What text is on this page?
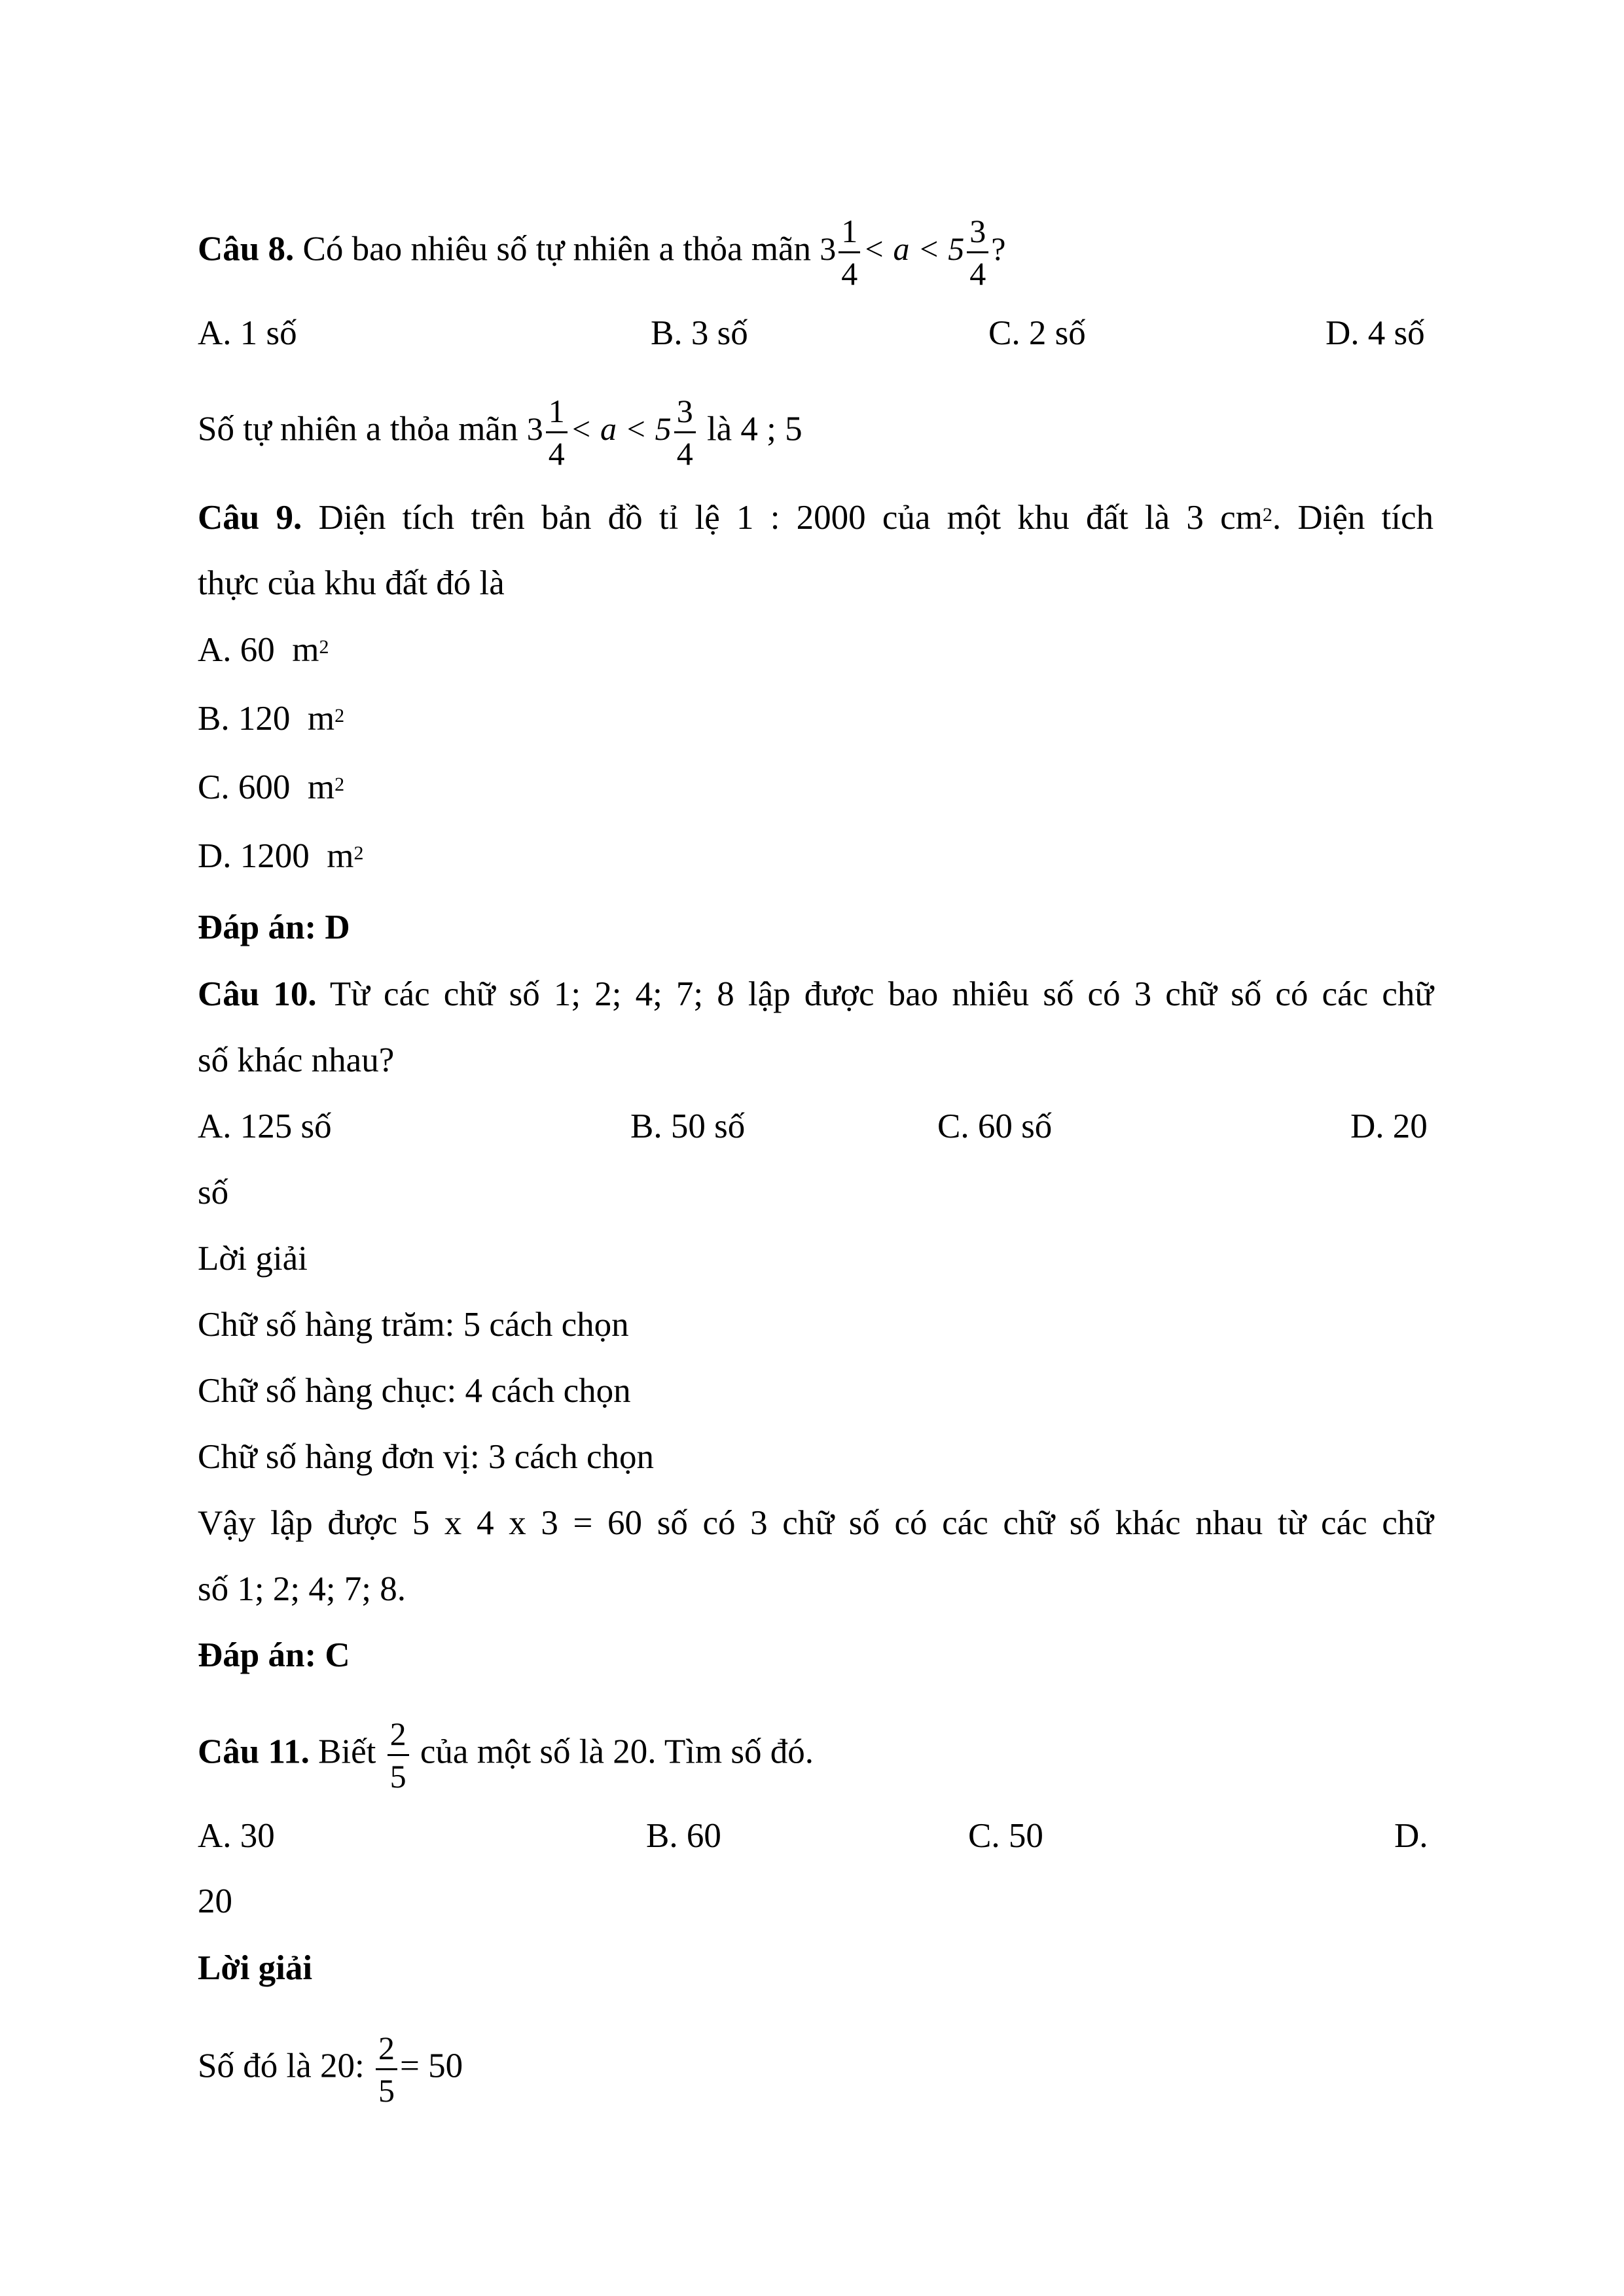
Câu 8. Có bao nhiêu số tự nhiên a thỏa mãn $3 \frac{1}{4} < a < 5 \frac{3}{4}$ ?
A. 1 số	B. 3 số	C. 2 số	D. 4 số
Số tự nhiên a thỏa mãn $3 \frac{1}{4} < a < 5 \frac{3}{4}$ là 4 ; 5
Câu 9. Diện tích trên bản đồ tỉ lệ 1 : 2000 của một khu đất là 3 $cm^2$. Diện tích
thực của khu đất đó là
A. 60 $m^2$
B. 120 $m^2$
C. 600 $m^2$
D. 1200 $m^2$
Đáp án: D
Câu 10. Từ các chữ số 1; 2; 4; 7; 8 lập được bao nhiêu số có 3 chữ số có các chữ
số khác nhau?
A. 125 số	B. 50 số	C. 60 số	D. 20
số
Lời giải
Chữ số hàng trăm: 5 cách chọn
Chữ số hàng chục: 4 cách chọn
Chữ số hàng đơn vị: 3 cách chọn
Vậy lập được 5 x 4 x 3 = 60 số có 3 chữ số có các chữ số khác nhau từ các chữ
số 1; 2; 4; 7; 8.
Đáp án: C
Câu 11. Biết $\frac{2}{5}$ của một số là 20. Tìm số đó.
A. 30	B. 60	C. 50	D.
20
Lời giải
Số đó là 20: $\frac{2}{5} = 50$
